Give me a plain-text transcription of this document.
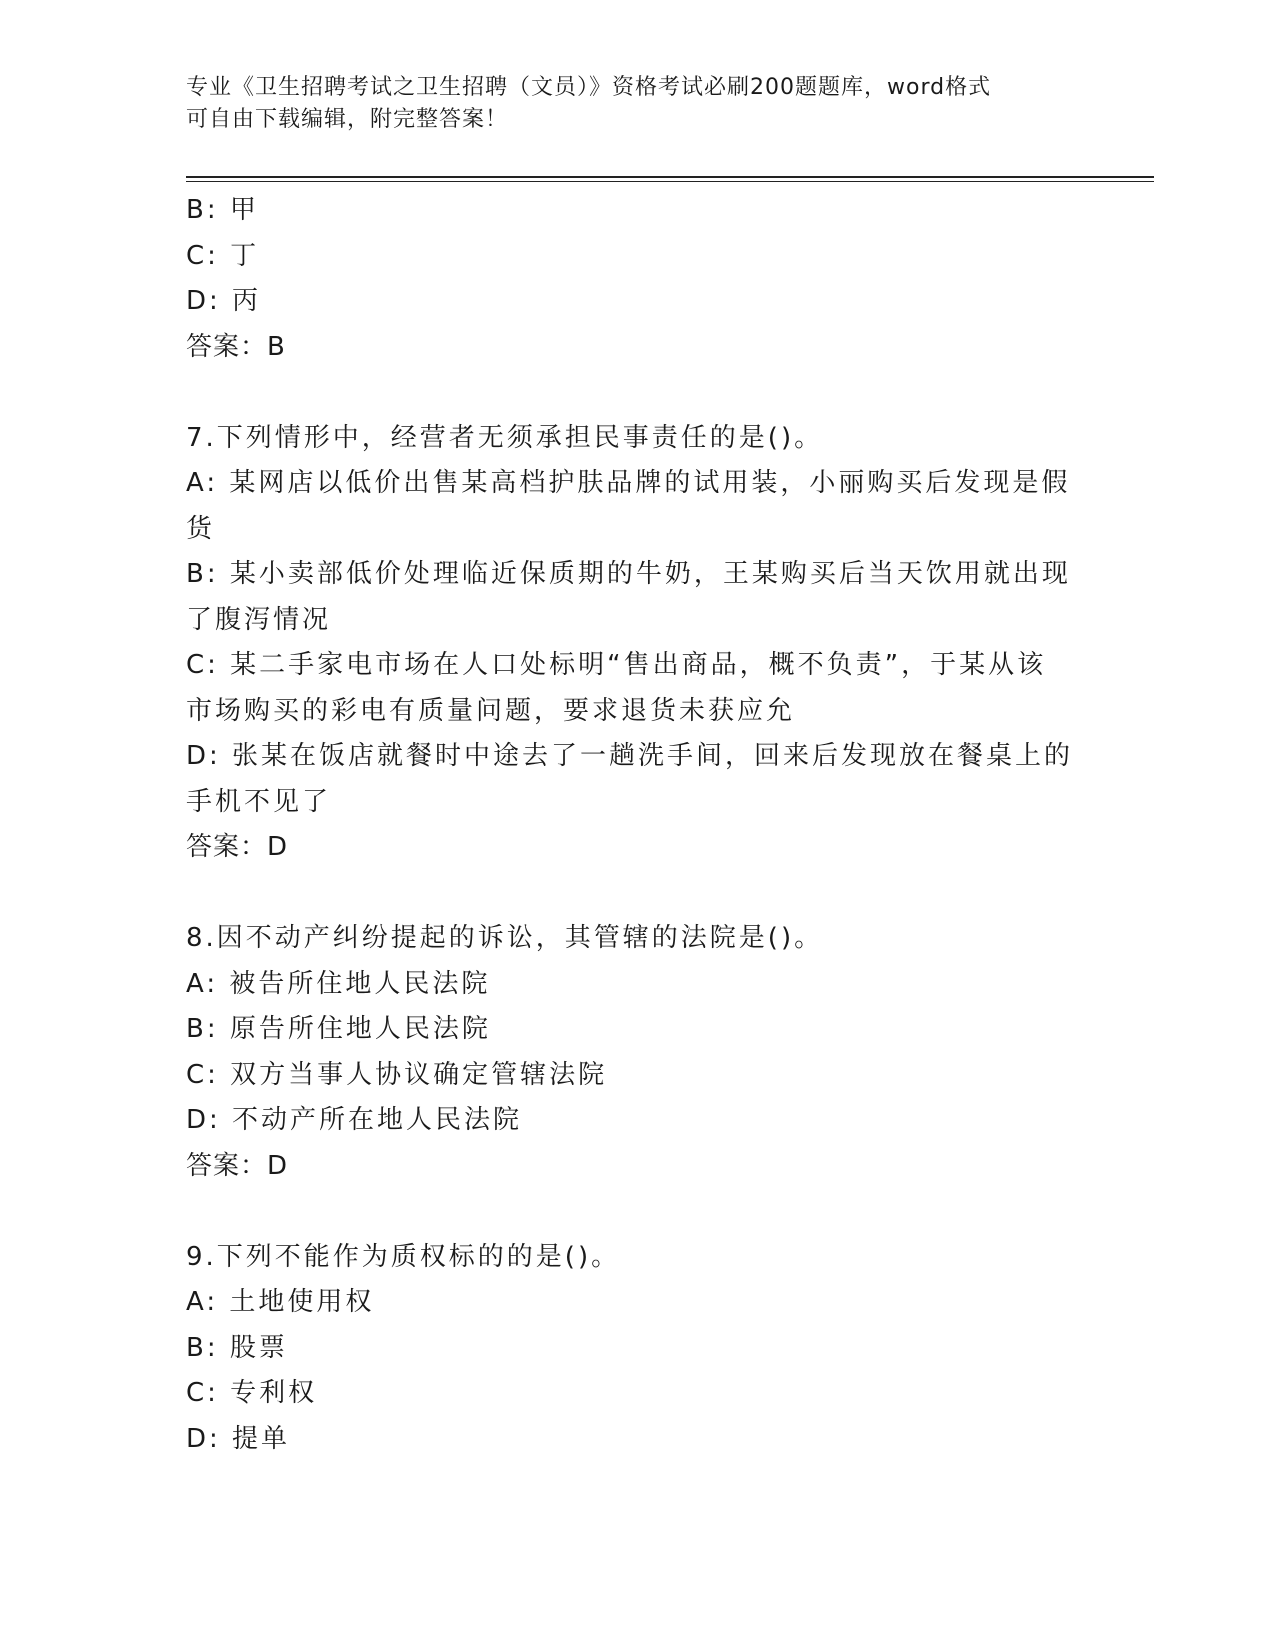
专业《卫生招聘考试之卫生招聘（文员）》资格考试必刷200题题库，word格式
可自由下载编辑，附完整答案！
B: 甲
C: 丁
D: 丙
答案：B
7.下列情形中，经营者无须承担民事责任的是()。
A: 某网店以低价出售某高档护肤品牌的试用装，小丽购买后发现是假
货
B: 某小卖部低价处理临近保质期的牛奶，王某购买后当天饮用就出现
了腹泻情况
C: 某二手家电市场在人口处标明“售出商品，概不负责”，于某从该
市场购买的彩电有质量问题，要求退货未获应允
D: 张某在饭店就餐时中途去了一趟洗手间，回来后发现放在餐桌上的
手机不见了
答案：D
8.因不动产纠纷提起的诉讼，其管辖的法院是()。
A: 被告所住地人民法院
B: 原告所住地人民法院
C: 双方当事人协议确定管辖法院
D: 不动产所在地人民法院
答案：D
9.下列不能作为质权标的的是()。
A: 土地使用权
B: 股票
C: 专利权
D: 提单
